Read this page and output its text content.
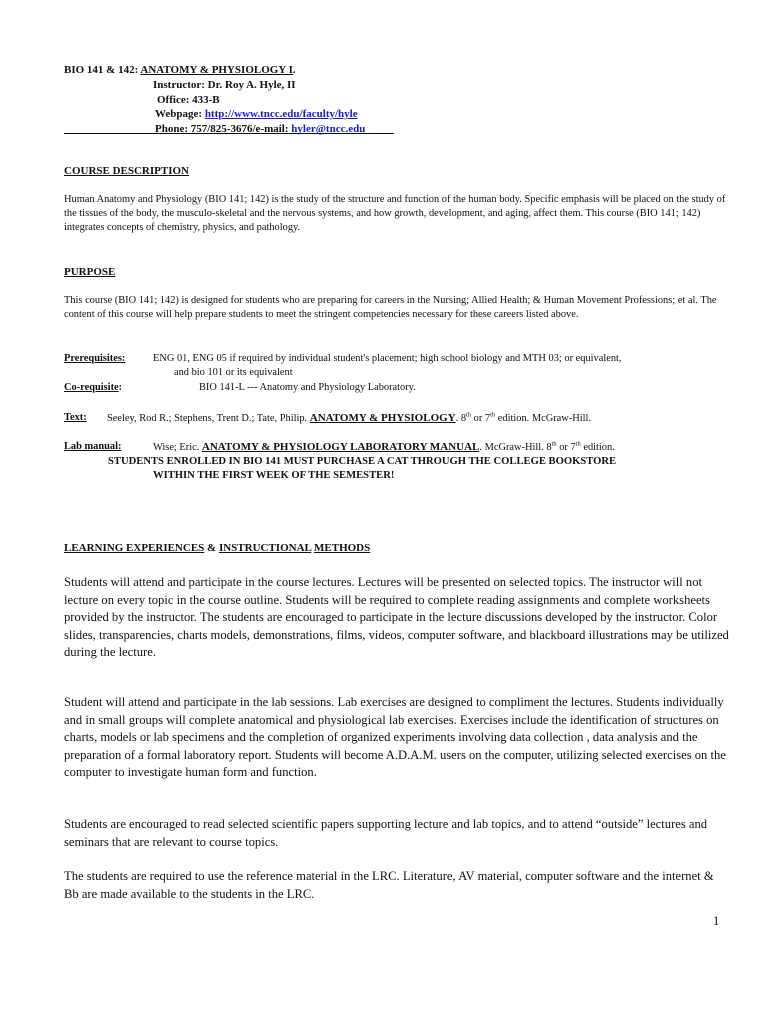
BIO 141 & 142: ANATOMY & PHYSIOLOGY I.
Instructor: Dr. Roy A. Hyle, II
Office: 433-B
Webpage: http://www.tncc.edu/faculty/hyle
Phone: 757/825-3676/e-mail: hyler@tncc.edu
COURSE DESCRIPTION
Human Anatomy and Physiology (BIO 141; 142) is the study of the structure and function of the human body. Specific emphasis will be placed on the study of the tissues of the body, the musculo-skeletal and the nervous systems, and how growth, development, and aging, affect them. This course (BIO 141; 142) integrates concepts of chemistry, physics, and pathology.
PURPOSE
This course (BIO 141; 142) is designed for students who are preparing for careers in the Nursing; Allied Health; & Human Movement Professions; et al. The content of this course will help prepare students to meet the stringent competencies necessary for these careers listed above.
Prerequisites:	ENG 01, ENG 05 if required by individual student's placement; high school biology and MTH 03; or equivalent,
and bio 101 or its equivalent
Co-requisite:	BIO 141-L --- Anatomy and Physiology Laboratory.
Text: Seeley, Rod R.; Stephens, Trent D.; Tate, Philip. ANATOMY & PHYSIOLOGY. 8th or 7th edition. McGraw-Hill.
Lab manual:	Wise; Eric. ANATOMY & PHYSIOLOGY LABORATORY MANUAL. McGraw-Hill. 8th or 7th edition.
STUDENTS ENROLLED IN BIO 141 MUST PURCHASE A CAT THROUGH THE COLLEGE BOOKSTORE
WITHIN THE FIRST WEEK OF THE SEMESTER!
LEARNING EXPERIENCES & INSTRUCTIONAL METHODS
Students will attend and participate in the course lectures. Lectures will be presented on selected topics. The instructor will not lecture on every topic in the course outline. Students will be required to complete reading assignments and complete worksheets provided by the instructor. The students are encouraged to participate in the lecture discussions developed by the instructor. Color slides, transparencies, charts models, demonstrations, films, videos, computer software, and blackboard illustrations may be utilized during the lecture.
Student will attend and participate in the lab sessions. Lab exercises are designed to compliment the lectures. Students individually and in small groups will complete anatomical and physiological lab exercises. Exercises include the identification of structures on charts, models or lab specimens and the completion of organized experiments involving data collection , data analysis and the preparation of a formal laboratory report. Students will become A.D.A.M. users on the computer, utilizing selected exercises on the computer to investigate human form and function.
Students are encouraged to read selected scientific papers supporting lecture and lab topics, and to attend “outside” lectures and seminars that are relevant to course topics.
The students are required to use the reference material in the LRC. Literature, AV material, computer software and the internet & Bb are made available to the students in the LRC.
1
